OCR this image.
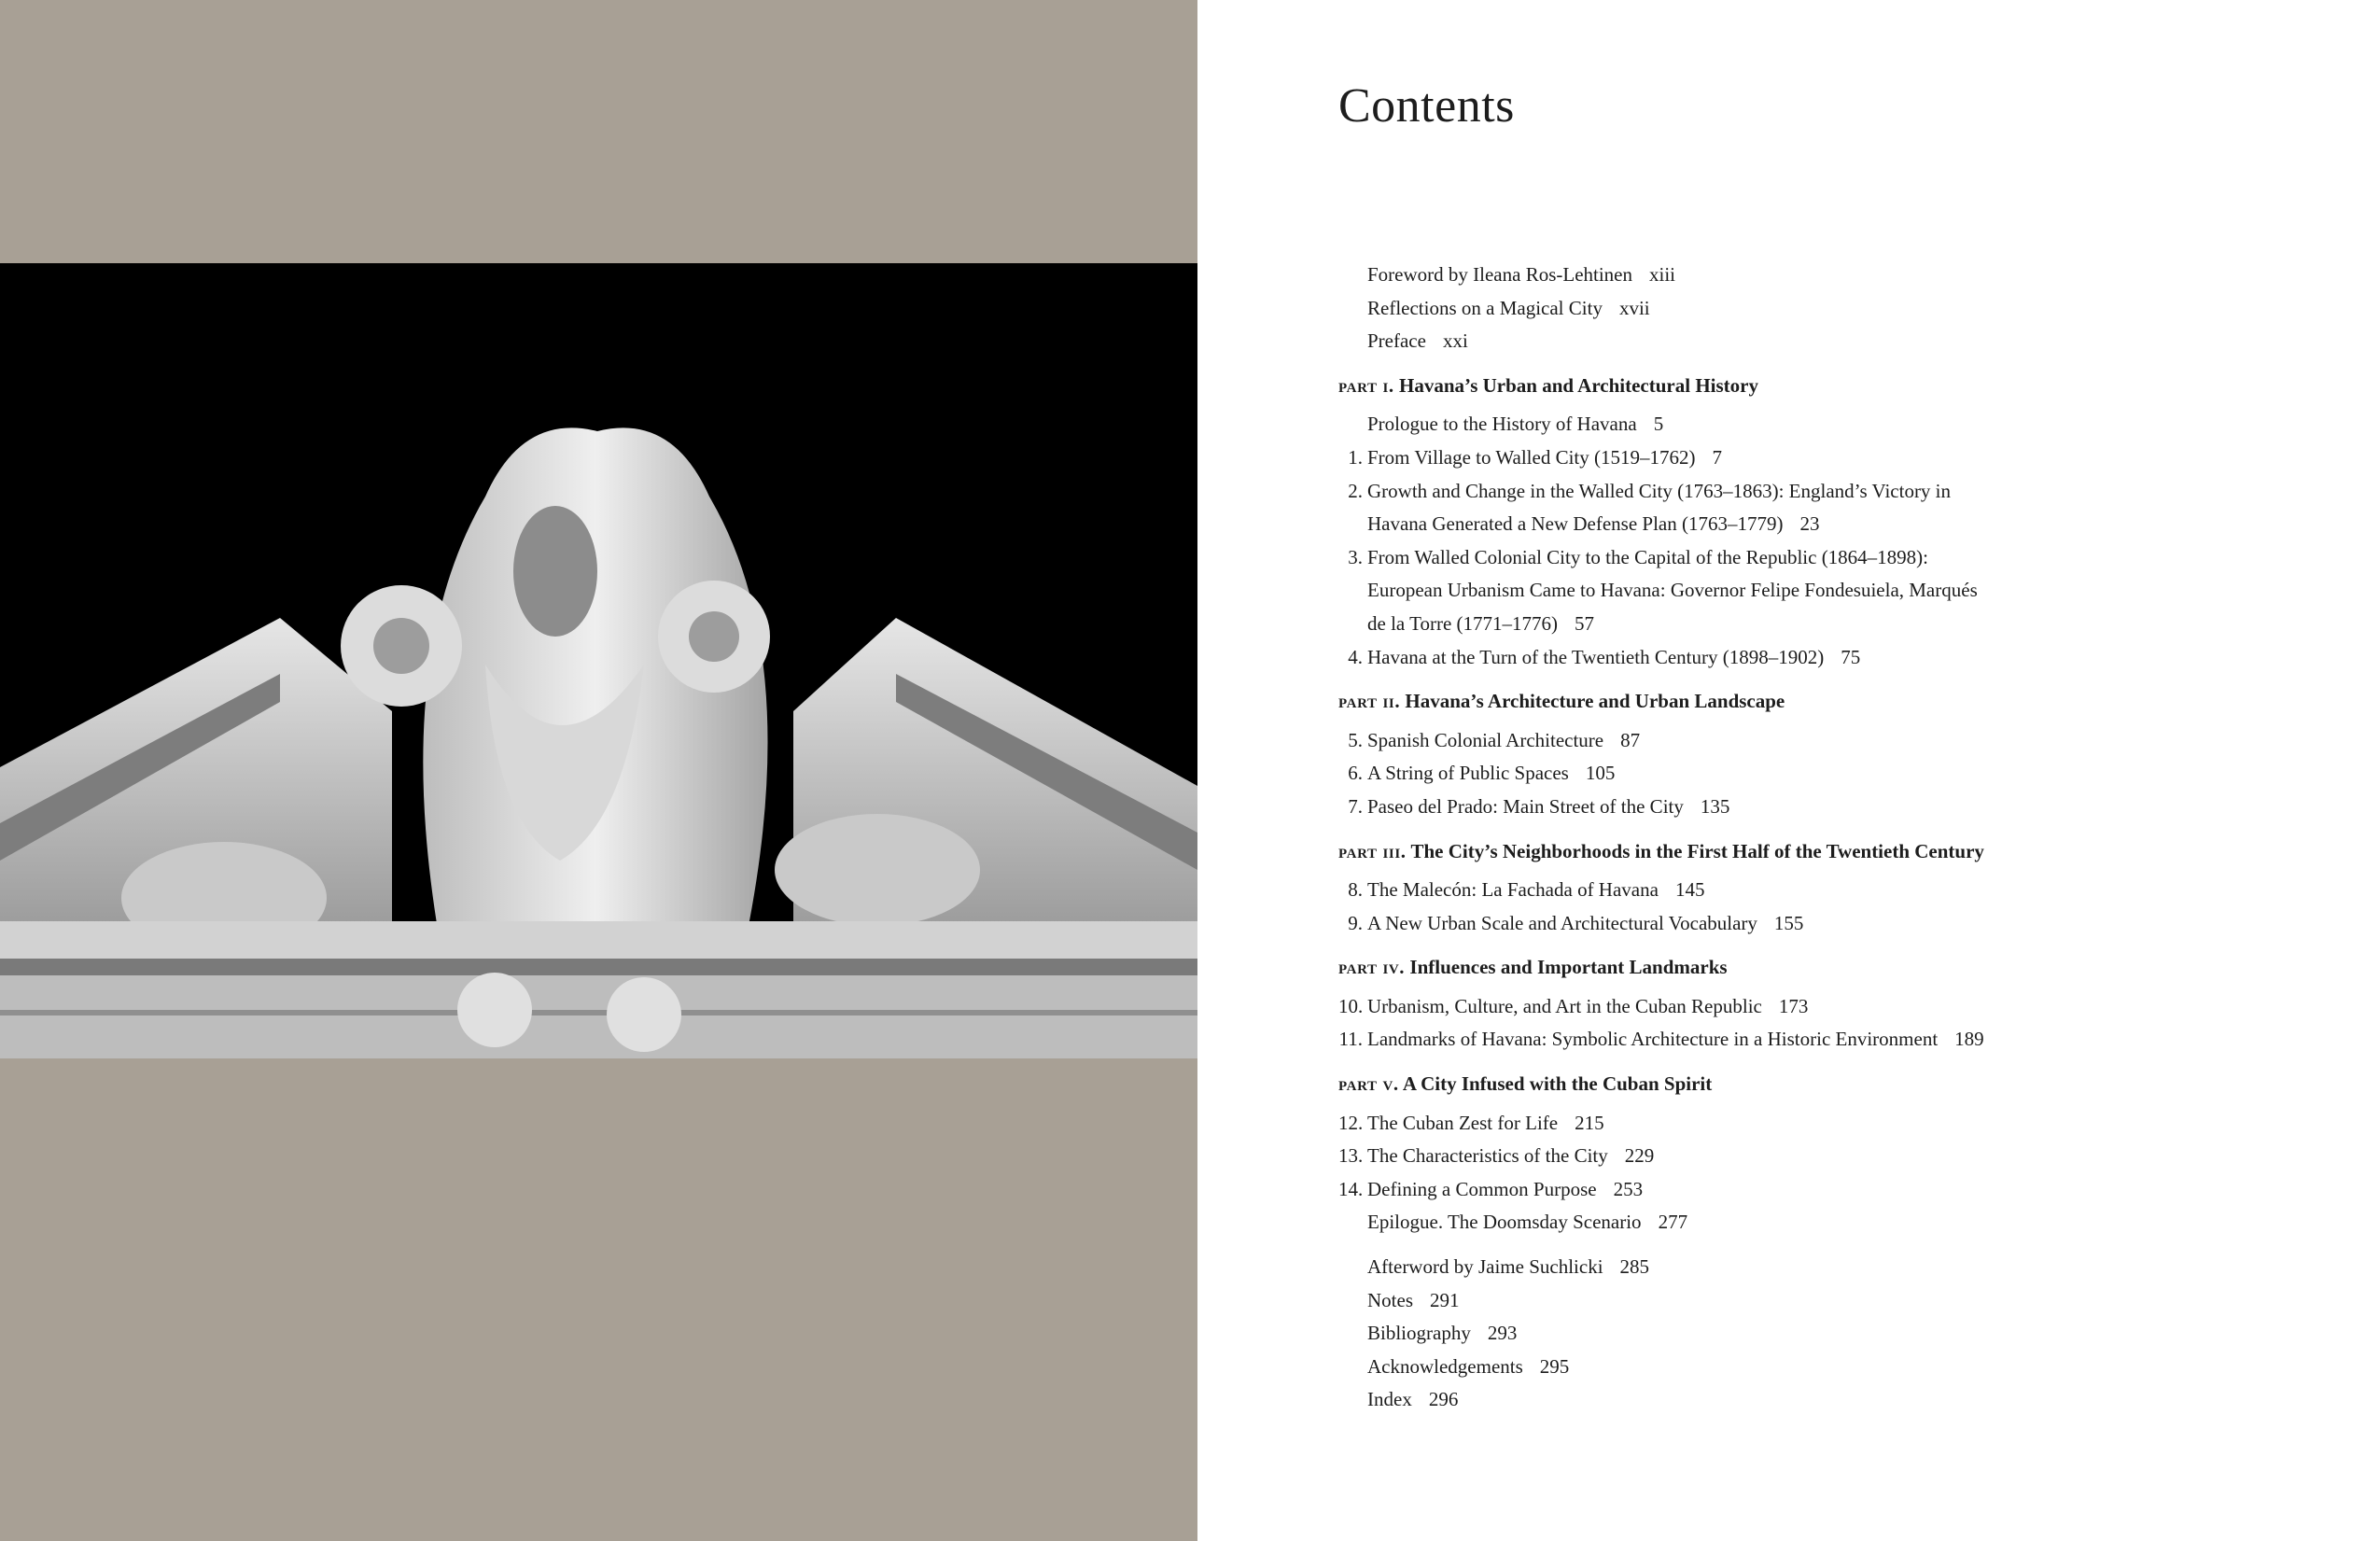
Contents
Foreword by Ileana Ros-Lehtinen xiii
Reflections on a Magical City xvii
Preface xxi
part i. Havana’s Urban and Architectural History
Prologue to the History of Havana 5
1. From Village to Walled City (1519–1762) 7
2. Growth and Change in the Walled City (1763–1863): England’s Victory in
Havana Generated a New Defense Plan (1763–1779) 23
3. From Walled Colonial City to the Capital of the Republic (1864–1898):
European Urbanism Came to Havana: Governor Felipe Fondesuiela, Marqués
de la Torre (1771–1776) 57
4. Havana at the Turn of the Twentieth Century (1898–1902) 75
part ii. Havana’s Architecture and Urban Landscape
5. Spanish Colonial Architecture 87
6. A String of Public Spaces 105
7. Paseo del Prado: Main Street of the City 135
part iii. The City’s Neighborhoods in the First Half of the Twentieth Century
8. The Malecón: La Fachada of Havana 145
9. A New Urban Scale and Architectural Vocabulary 155
part iv. Influences and Important Landmarks
10. Urbanism, Culture, and Art in the Cuban Republic 173
11. Landmarks of Havana: Symbolic Architecture in a Historic Environment 189
part v. A City Infused with the Cuban Spirit
12. The Cuban Zest for Life 215
13. The Characteristics of the City 229
14. Defining a Common Purpose 253
Epilogue. The Doomsday Scenario 277
Afterword by Jaime Suchlicki 285
Notes 291
Bibliography 293
Acknowledgements 295
Index 296
